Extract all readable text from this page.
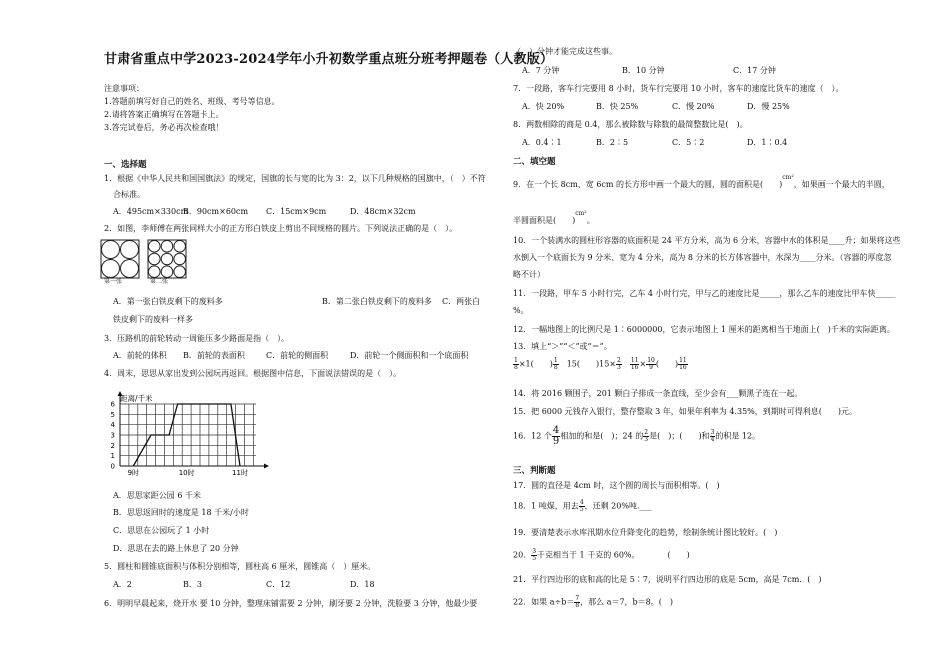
甘肃省重点中学2023-2024学年小升初数学重点班分班考押题卷（人教版）
注意事项：
1.答题前填写好自己的姓名、班级、考号等信息。
2.请将答案正确填写在答题卡上。
3.答完试卷后，务必再次检查哦！
一、选择题
1．根据《中华人民共和国国旗法》的规定，国旗的长与宽的比为 3：2，以下几种规格的国旗中，（　）不符
合标准。
A．495cm×330cm
B．90cm×60cm C．15cm×9cm	D．48cm×32cm
2．如图，李师傅在两张同样大小的正方形白铁皮上剪出不同规格的圆片。下列说法正确的是（　）。
第一张	第二张
A．第一张白铁皮剩下的废料多	B．第二张白铁皮剩下的废料多 C．两张白
铁皮剩下的废料一样多
3．压路机的前轮转动一周能压多少路面是指（　）。
A．前轮的体积 B．前轮的表面积	C．前轮的侧面积	D．前轮一个侧面积和一个底面积
4．周末，思思从家出发到公园玩再返回。根据图中信息，下面说法错误的是（　）。
0
1
2
3
4
5
6
9时	10时	11时
距离/千米
A．思思家距公园 6 千米
B．思思返回时的速度是 18 千米/小时
C．思思在公园玩了 1 小时
D．思思在去的路上休息了 20 分钟
5．圆柱和圆锥底面积与体积分别相等，圆柱高 6 厘米，圆锥高（　）厘米。
A．2	B．3	C．12	D．18
6．明明早晨起来，烧开水 要 10 分钟，整理床铺需要 2 分钟，刷牙要 2 分钟，洗脸要 3 分钟，他最少要
（　）分钟才能完成这些事。
A．7 分钟	B．10 分钟	C．17 分钟
7．一段路，客车行完要用 8 小时，货车行完要用 10 小时，客车的速度比货车的速度（　）。
A．快 20%	B．快 25%	C．慢 20%	D．慢 25%
8．两数相除的商是 0.4，那么被除数与除数的最简整数比是(　)。
A．0.4∶1	B．2∶5	C．5∶2	D．1∶0.4
二、填空题
9．在一个长 8cm、宽 6cm 的长方形中画一个最大的圆，圆的面积是(　　)$^{cm^2}$，如果画一个最大的半圆，
半圆面积是(　　)$^{cm^2}$。
10．一个装满水的圆柱形容器的底面积是 24 平方分米，高为 6 分米，容器中水的体积是____升；如果将这些
水倒入一个底面长为 9 分米、宽为 4 分米，高为 8 分米的长方体容器中，水深为____分米。（容器的厚度忽
略不计）
11．一段路，甲车 5 小时行完，乙车 4 小时行完，甲与乙的速度比是_____，那么乙车的速度比甲车快_____
%。
12．一幅地图上的比例尺是 1∶6000000，它表示地图上 1 厘米的距离相当于地面上(　)千米的实际距离。
13．填上“＞”“＜”或“＝”。
$\frac{1}{8} \times 1$(　　) $\frac{1}{8}$ 　15(　　)$15\times \frac{2}{3}$
　 $\frac{11}{16} \times \frac{10}{9}$ (　　) $\frac{11}{16}$
14．将 2016 颗围子，201 颗白子排成一条直线，至少会有___颗黑子连在一起。
15．把 6000 元钱存入银行，整存整取 3 年，如果年利率为 4.35%，到期时可得利息(　　)元。
16．12 个 $\frac{4}{9}$ 相加的和是(　)；24 的 $\frac{2}{3}$ 是(　)；(　　)和 $\frac{3}{4}$ 的积是 12。
三、判断题
17．圆的直径是 4cm 时，这个圆的周长与面积相等。(　)
18．1 吨煤，用去 $\frac{4}{5}$ ，还剩 20%吨.___
19．要清楚表示水库汛期水位升降变化的趋势，绘制条统计图比较好。(　)
20． $\frac{3}{5}$ 千克相当于 1 千克的 60%。　　　　(　　)
21．平行四边形的底和高的比是 5∶7，说明平行四边形的底是 5cm，高是 7cm．(　)
22．如果 $a\div b= \frac{7}{8}$ ，那么 a＝7，b＝8。(　)
